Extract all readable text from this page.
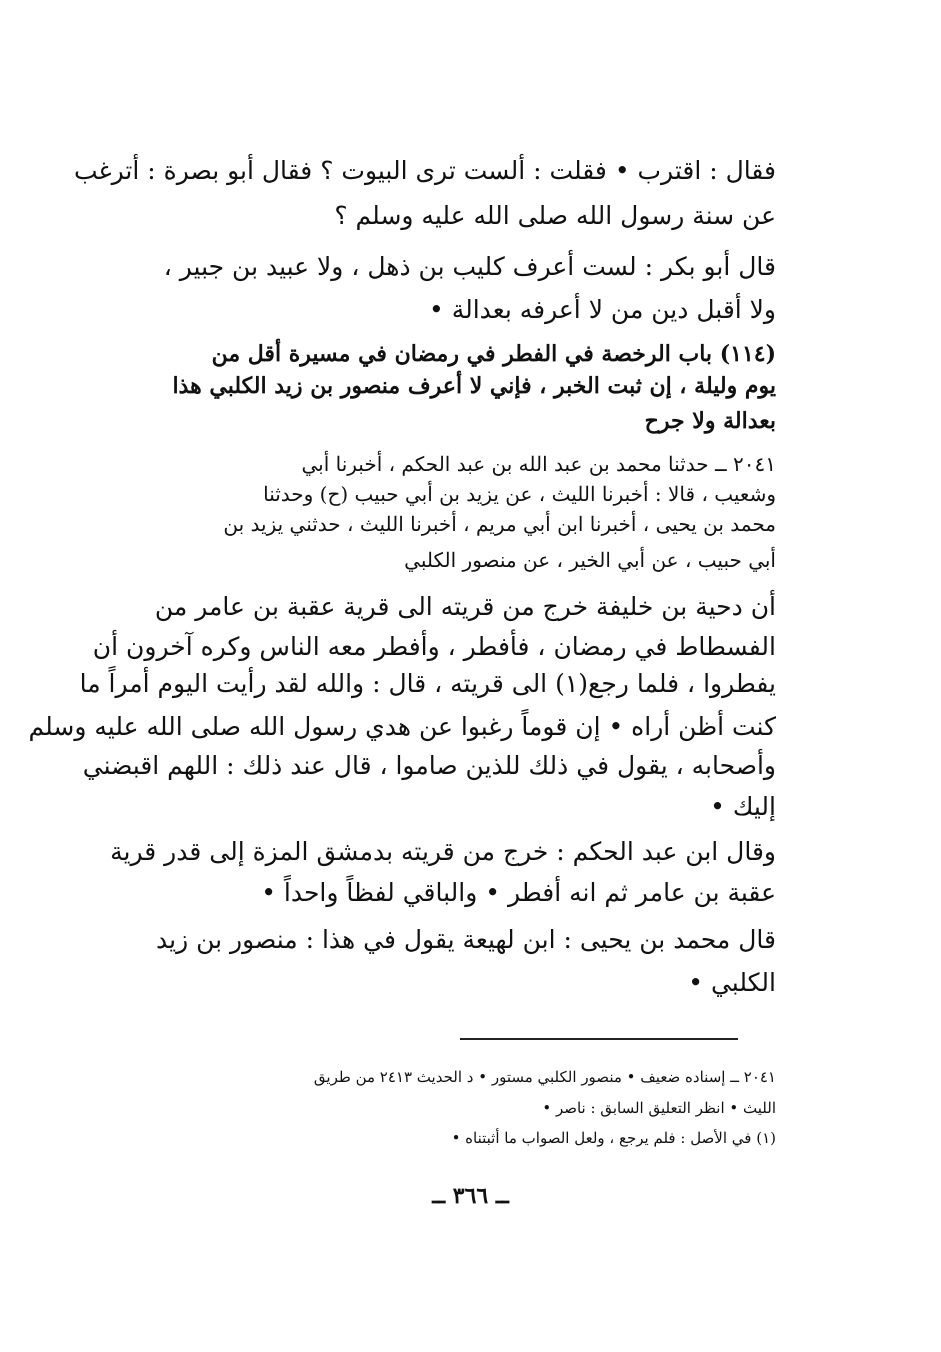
فقال : اقترب • فقلت : ألست ترى البيوت ؟ فقال أبو بصرة : أترغب
عن سنة رسول الله صلى الله عليه وسلم ؟
قال أبو بكر : لست أعرف كليب بن ذهل ، ولا عبيد بن جبير ،
ولا أقبل دين من لا أعرفه بعدالة •
(١١٤) باب الرخصة في الفطر في رمضان في مسيرة أقل من
يوم وليلة ، إن ثبت الخبر ، فإني لا أعرف منصور بن زيد الكلبي هذا
بعدالة ولا جرح
٢٠٤١ ــ حدثنا محمد بن عبد الله بن عبد الحكم ، أخبرنا أبي
وشعيب ، قالا : أخبرنا الليث ، عن يزيد بن أبي حبيب (ح) وحدثنا
محمد بن يحيى ، أخبرنا ابن أبي مريم ، أخبرنا الليث ، حدثني يزيد بن
أبي حبيب ، عن أبي الخير ، عن منصور الكلبي
أن دحية بن خليفة خرج من قريته الى قرية عقبة بن عامر من
الفسطاط في رمضان ، فأفطر ، وأفطر معه الناس وكره آخرون أن
يفطروا ، فلما رجع(١) الى قريته ، قال : والله لقد رأيت اليوم أمراً ما
كنت أظن أراه • إن قوماً رغبوا عن هدي رسول الله صلى الله عليه وسلم
وأصحابه ، يقول في ذلك للذين صاموا ، قال عند ذلك : اللهم اقبضني
إليك •
وقال ابن عبد الحكم : خرج من قريته بدمشق المزة إلى قدر قرية
عقبة بن عامر ثم انه أفطر • والباقي لفظاً واحداً •
قال محمد بن يحيى : ابن لهيعة يقول في هذا : منصور بن زيد
الكلبي •
٢٠٤١ ــ إسناده ضعيف • منصور الكلبي مستور • د الحديث ٢٤١٣ من طريق
الليث • انظر التعليق السابق : ناصر •
(١) في الأصل : فلم يرجع ، ولعل الصواب ما أثبتناه •
ــ ٣٦٦ ــ
